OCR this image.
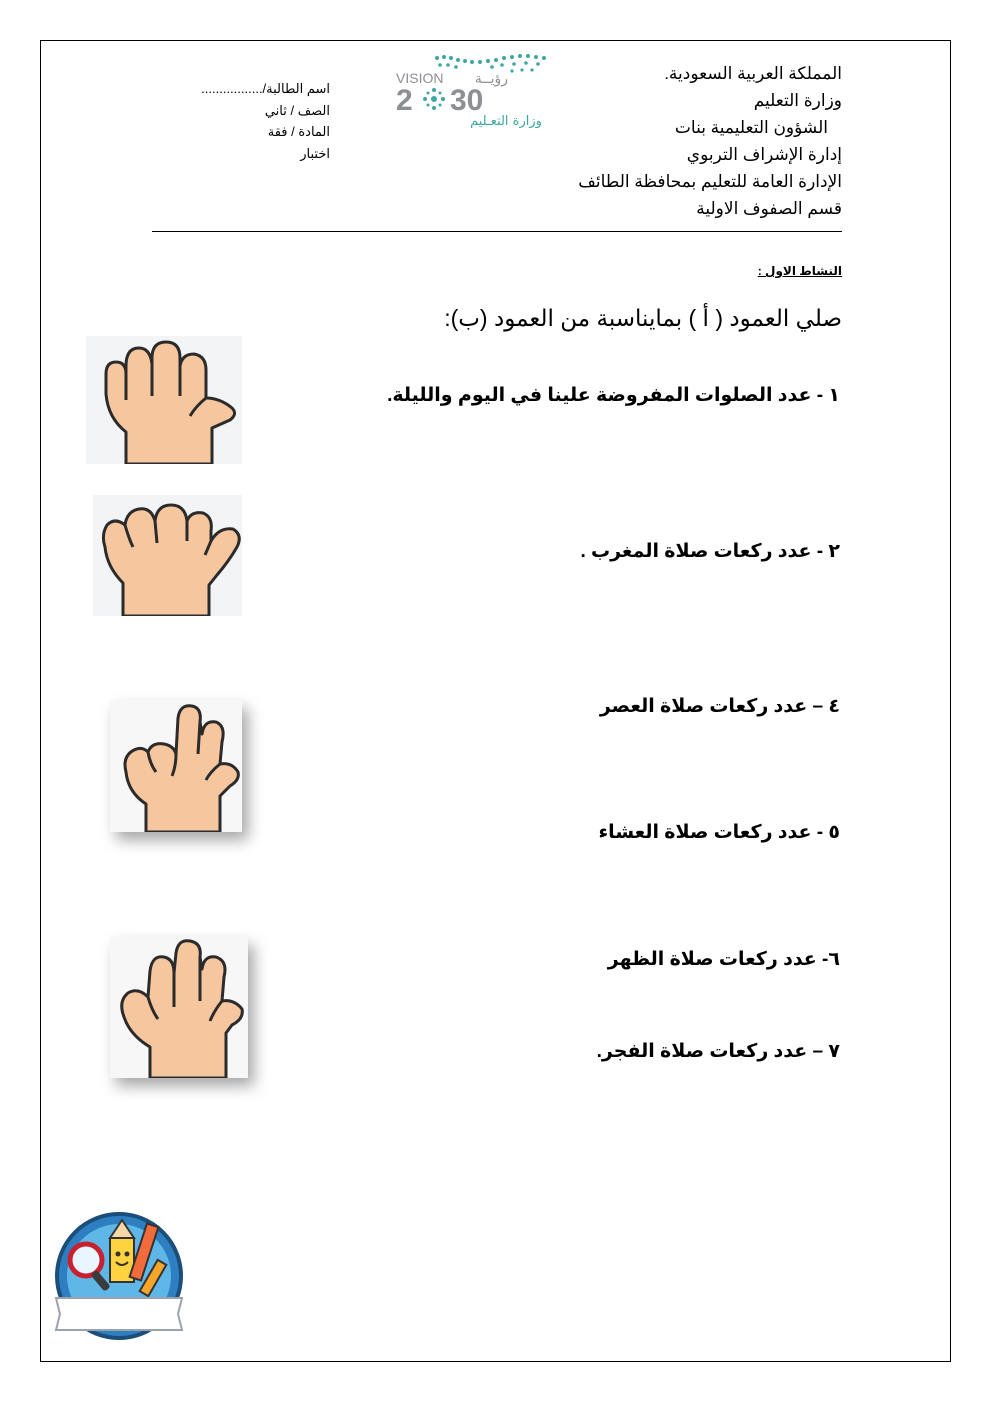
المملكة العربية السعودية.
وزارة التعليم
الشؤون التعليمية بنات
إدارة الإشراف التربوي
الإدارة العامة للتعليم بمحافظة الطائف
قسم الصفوف الاولية
اسم الطالبة/.................
الصف / ثاني
المادة / فقة
اختبار
VISION رؤيــة
2 30
وزارة التعـليم
النشاط الاول :
صلي العمود ( أ ) بمايناسبة من العمود (ب):
١ - عدد الصلوات المفروضة علينا في اليوم والليلة.
٢ - عدد ركعات صلاة المغرب .
٤ – عدد ركعات صلاة العصر
٥ - عدد ركعات صلاة العشاء
٦- عدد ركعات صلاة الظهر
٧ – عدد ركعات صلاة الفجر.
